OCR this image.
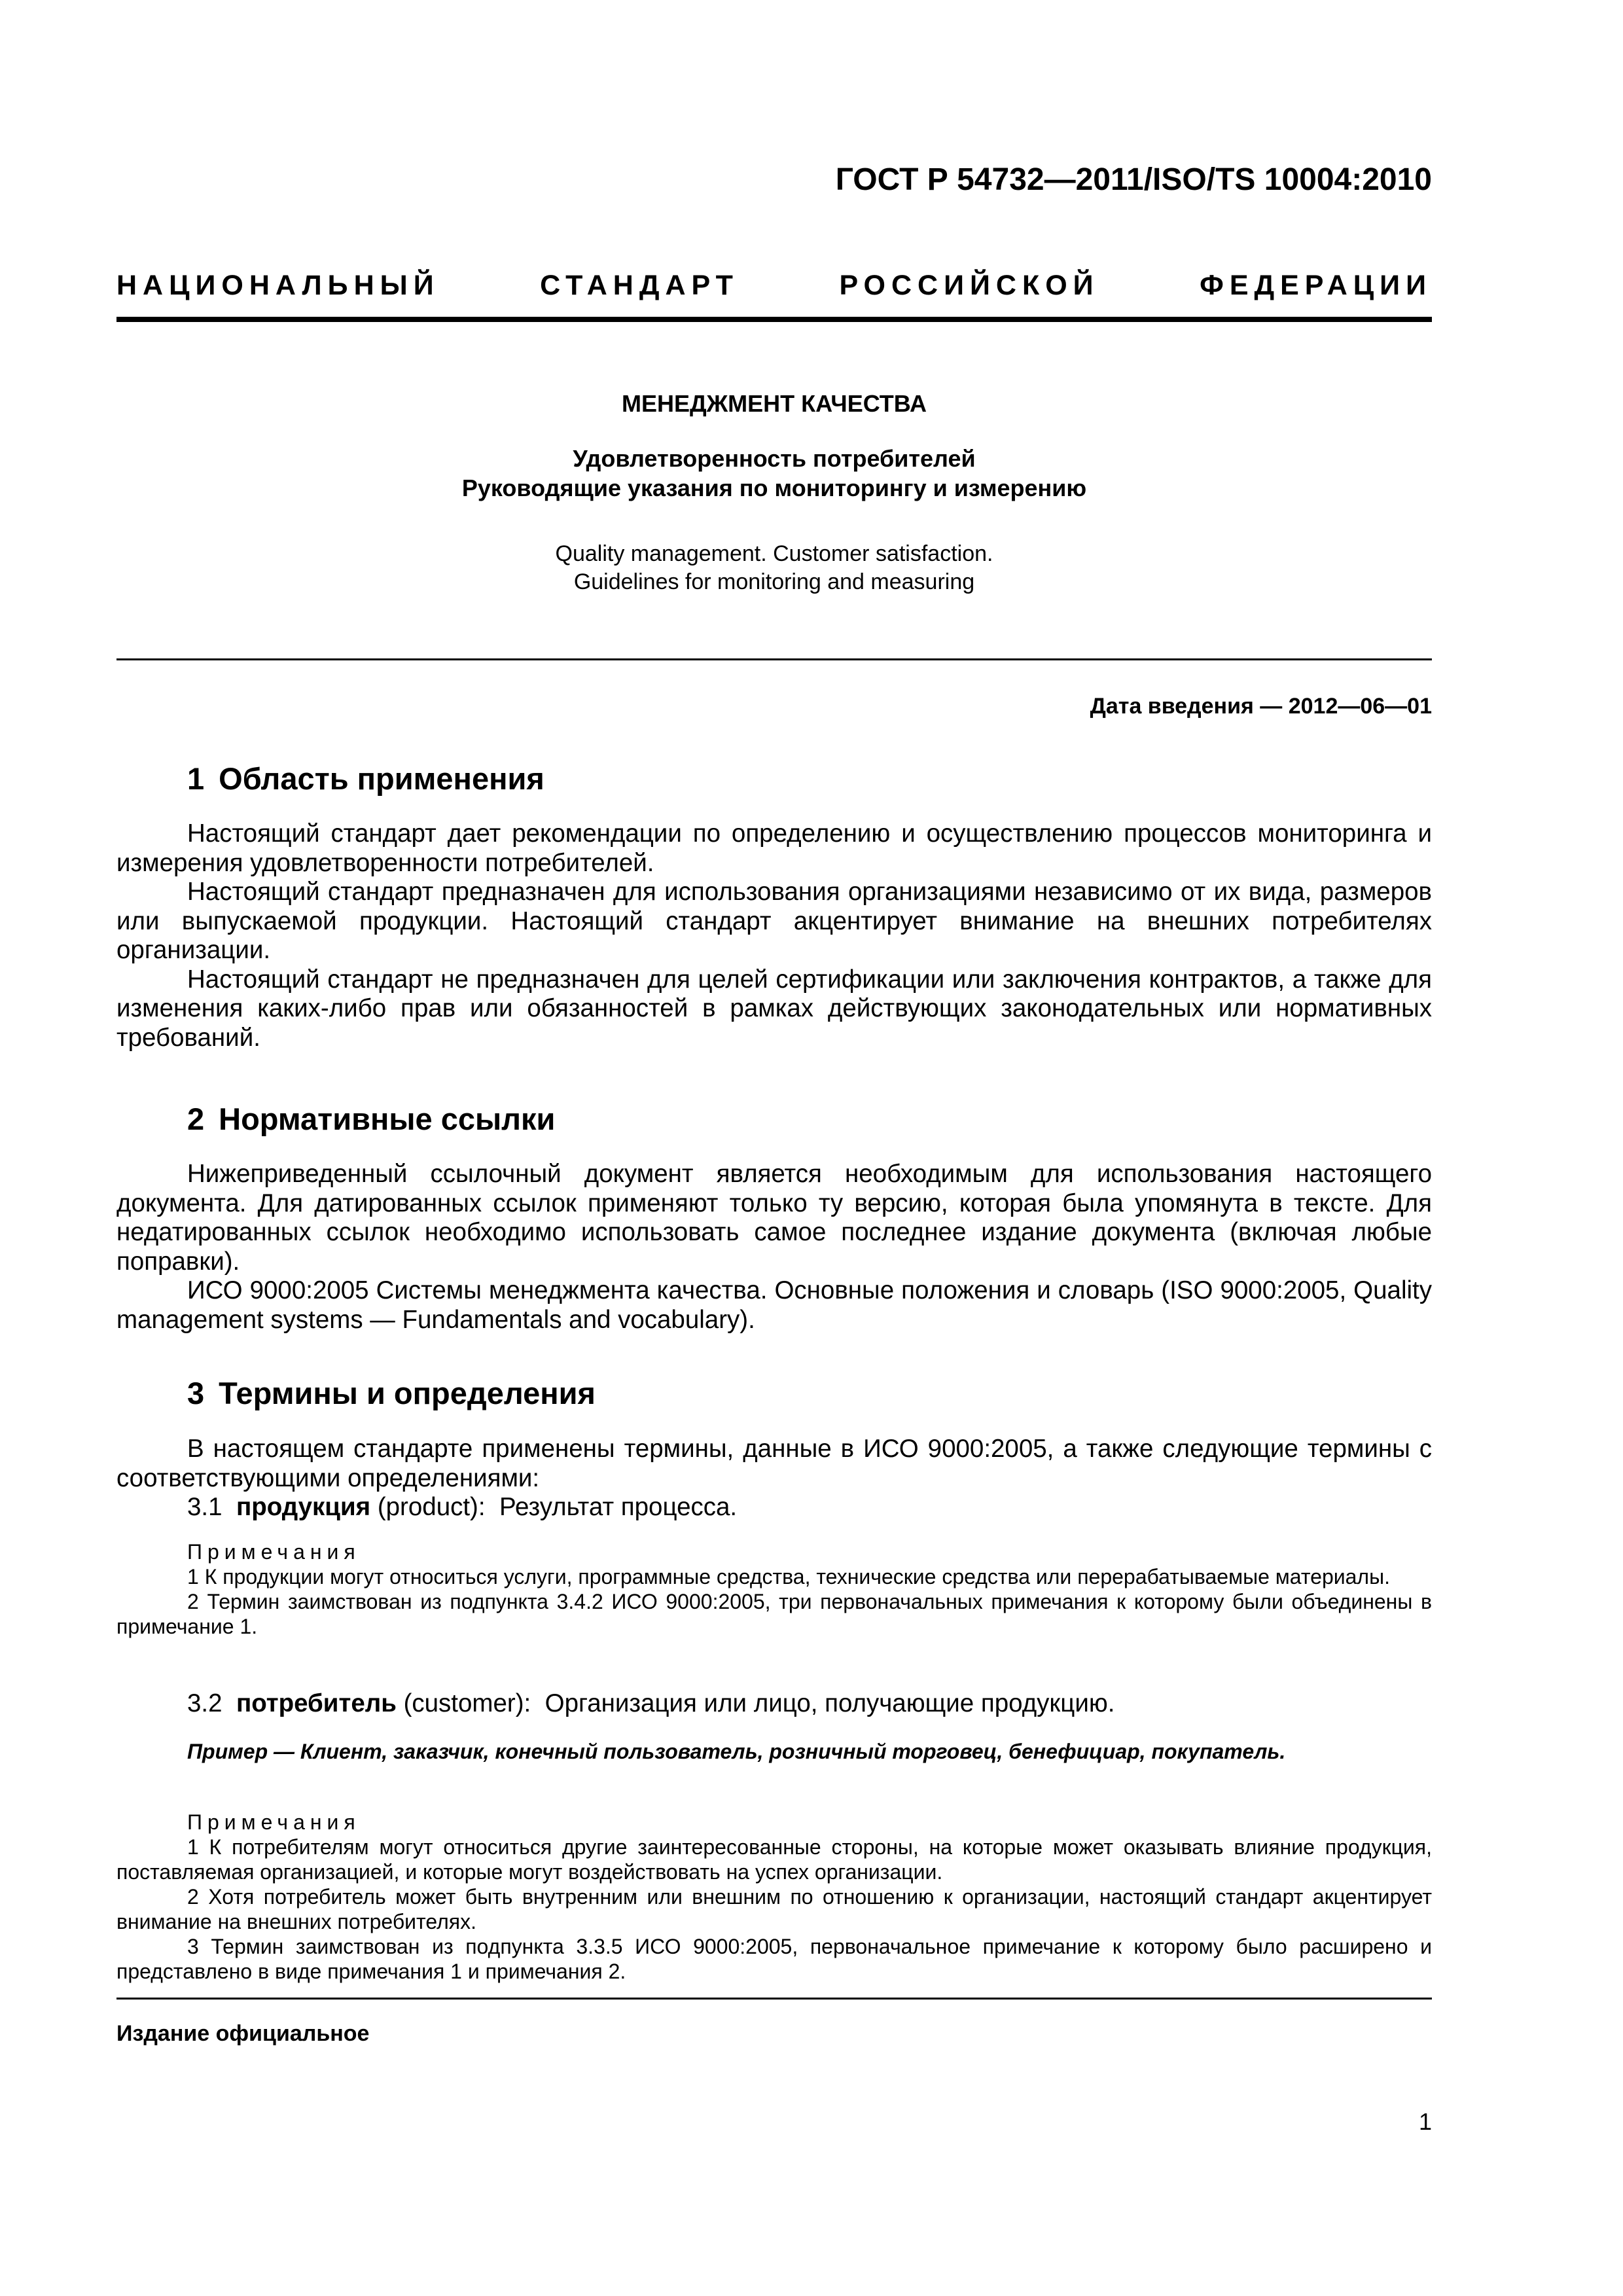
ГОСТ Р 54732—2011/ISO/TS 10004:2010
НАЦИОНАЛЬНЫЙ СТАНДАРТ РОССИЙСКОЙ ФЕДЕРАЦИИ
МЕНЕДЖМЕНТ КАЧЕСТВА
Удовлетворенность потребителей
Руководящие указания по мониторингу и измерению
Quality management. Customer satisfaction.
Guidelines for monitoring and measuring
Дата введения — 2012—06—01
1 Область применения

Настоящий стандарт дает рекомендации по определению и осуществлению процессов мониторинга и измерения удовлетворенности потребителей.

Настоящий стандарт предназначен для использования организациями независимо от их вида, размеров или выпускаемой продукции. Настоящий стандарт акцентирует внимание на внешних потребителях организации.

Настоящий стандарт не предназначен для целей сертификации или заключения контрактов, а также для изменения каких-либо прав или обязанностей в рамках действующих законодательных или нормативных требований.

2 Нормативные ссылки

Нижеприведенный ссылочный документ является необходимым для использования настоящего документа. Для датированных ссылок применяют только ту версию, которая была упомянута в тексте. Для недатированных ссылок необходимо использовать самое последнее издание документа (включая любые поправки).

ИСО 9000:2005 Системы менеджмента качества. Основные положения и словарь (ISO 9000:2005, Quality management systems — Fundamentals and vocabulary).

3 Термины и определения

В настоящем стандарте применены термины, данные в ИСО 9000:2005, а также следующие термины с соответствующими определениями:

3.1 продукция (product): Результат процесса.

Примечания

1 К продукции могут относиться услуги, программные средства, технические средства или перерабатываемые материалы.

2 Термин заимствован из подпункта 3.4.2 ИСО 9000:2005, три первоначальных примечания к которому были объединены в примечание 1.

3.2 потребитель (customer): Организация или лицо, получающие продукцию.

Пример — Клиент, заказчик, конечный пользователь, розничный торговец, бенефициар, покупатель.

Примечания

1 К потребителям могут относиться другие заинтересованные стороны, на которые может оказывать влияние продукция, поставляемая организацией, и которые могут воздействовать на успех организации.

2 Хотя потребитель может быть внутренним или внешним по отношению к организации, настоящий стандарт акцентирует внимание на внешних потребителях.

3 Термин заимствован из подпункта 3.3.5 ИСО 9000:2005, первоначальное примечание к которому было расширено и представлено в виде примечания 1 и примечания 2.

Издание официальное
1
